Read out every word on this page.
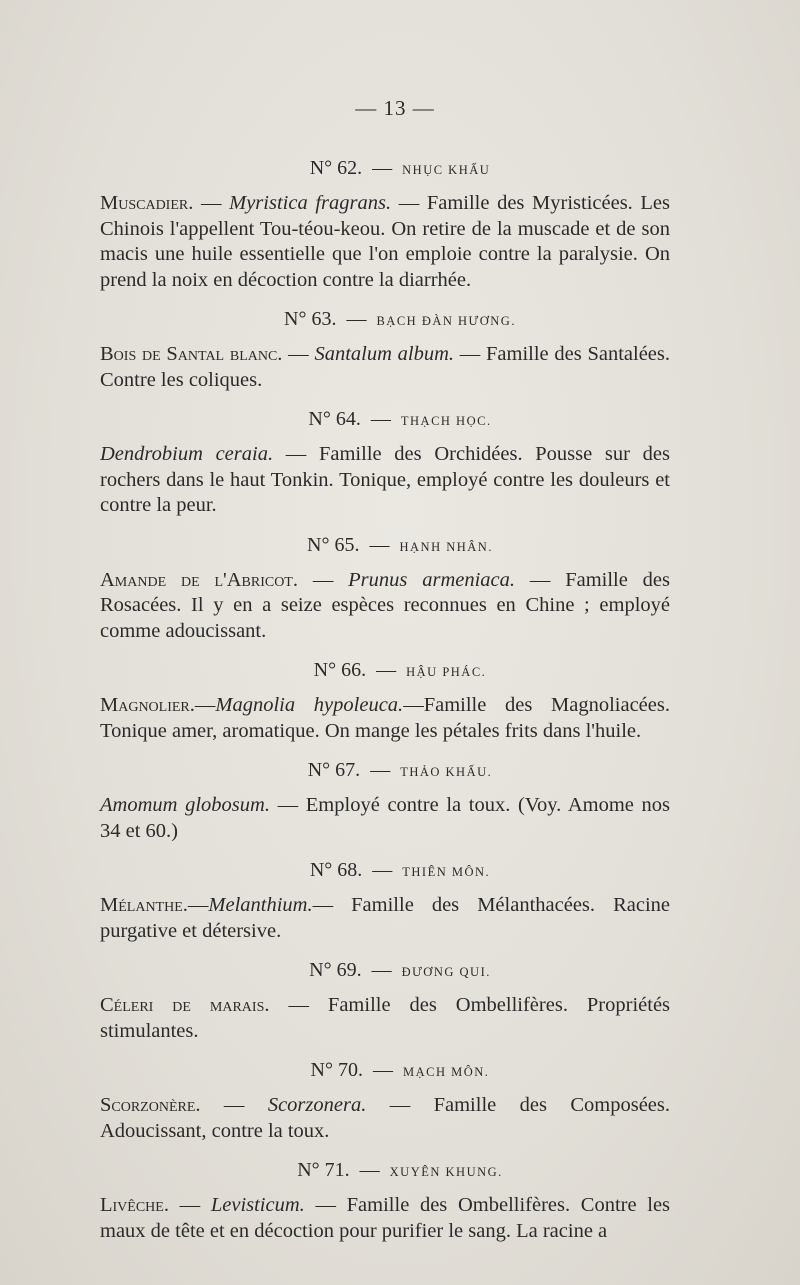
— 13 —
N° 62. — NHỤC KHẤU

Muscadier. — Myristica fragrans. — Famille des Myristicées. Les Chinois l'appellent Tou-téou-keou. On retire de la muscade et de son macis une huile essentielle que l'on emploie contre la paralysie. On prend la noix en décoction contre la diarrhée.

N° 63. — BẠCH ĐÀN HƯƠNG.

Bois de Santal blanc. — Santalum album. — Famille des Santalées. Contre les coliques.

N° 64. — THẠCH HỌC.

Dendrobium ceraia. — Famille des Orchidées. Pousse sur des rochers dans le haut Tonkin. Tonique, employé contre les douleurs et contre la peur.

N° 65. — HẠNH NHÂN.

Amande de l'Abricot. — Prunus armeniaca. — Famille des Rosacées. Il y en a seize espèces reconnues en Chine ; employé comme adoucissant.

N° 66. — HẬU PHÁC.

Magnolier.—Magnolia hypoleuca.—Famille des Magnoliacées. Tonique amer, aromatique. On mange les pétales frits dans l'huile.

N° 67. — THẢO KHẤU.

Amomum globosum. — Employé contre la toux. (Voy. Amome nos 34 et 60.)

N° 68. — THIÊN MÔN.

Mélanthe.—Melanthium.— Famille des Mélanthacées. Racine purgative et détersive.

N° 69. — ĐƯƠNG QUI.

Céleri de marais. — Famille des Ombellifères. Propriétés stimulantes.

N° 70. — MẠCH MÔN.

Scorzonère. — Scorzonera. — Famille des Composées. Adoucissant, contre la toux.

N° 71. — XUYÊN KHUNG.

Livêche. — Levisticum. — Famille des Ombellifères. Contre les maux de tête et en décoction pour purifier le sang. La racine a
